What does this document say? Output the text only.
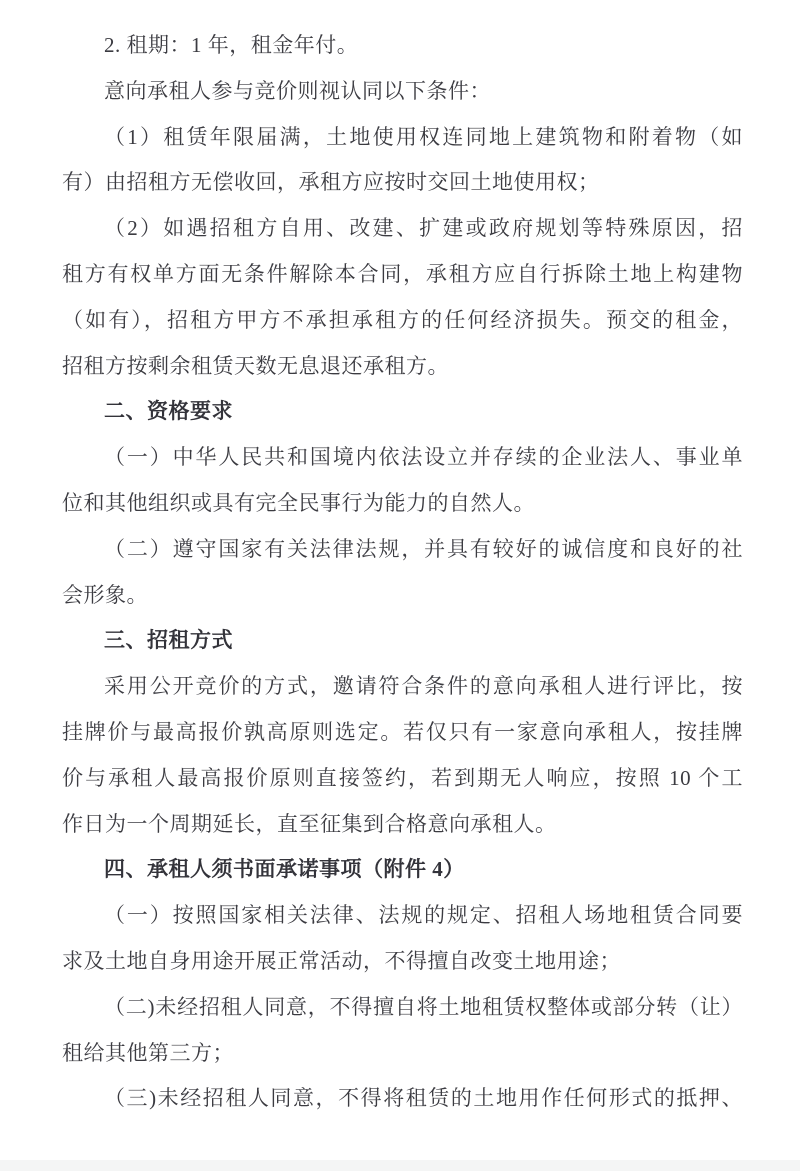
2. 租期：1 年，租金年付。
意向承租人参与竞价则视认同以下条件：
（1）租赁年限届满，土地使用权连同地上建筑物和附着物（如
有）由招租方无偿收回，承租方应按时交回土地使用权；
（2）如遇招租方自用、改建、扩建或政府规划等特殊原因，招
租方有权单方面无条件解除本合同，承租方应自行拆除土地上构建物
（如有），招租方甲方不承担承租方的任何经济损失。预交的租金，
招租方按剩余租赁天数无息退还承租方。
二、资格要求
（一）中华人民共和国境内依法设立并存续的企业法人、事业单
位和其他组织或具有完全民事行为能力的自然人。
（二）遵守国家有关法律法规，并具有较好的诚信度和良好的社
会形象。
三、招租方式
采用公开竞价的方式，邀请符合条件的意向承租人进行评比，按
挂牌价与最高报价孰高原则选定。若仅只有一家意向承租人，按挂牌
价与承租人最高报价原则直接签约，若到期无人响应，按照 10 个工
作日为一个周期延长，直至征集到合格意向承租人。
四、承租人须书面承诺事项（附件 4）
（一）按照国家相关法律、法规的规定、招租人场地租赁合同要
求及土地自身用途开展正常活动，不得擅自改变土地用途；
（二)未经招租人同意，不得擅自将土地租赁权整体或部分转（让）
租给其他第三方；
（三)未经招租人同意，不得将租赁的土地用作任何形式的抵押、
